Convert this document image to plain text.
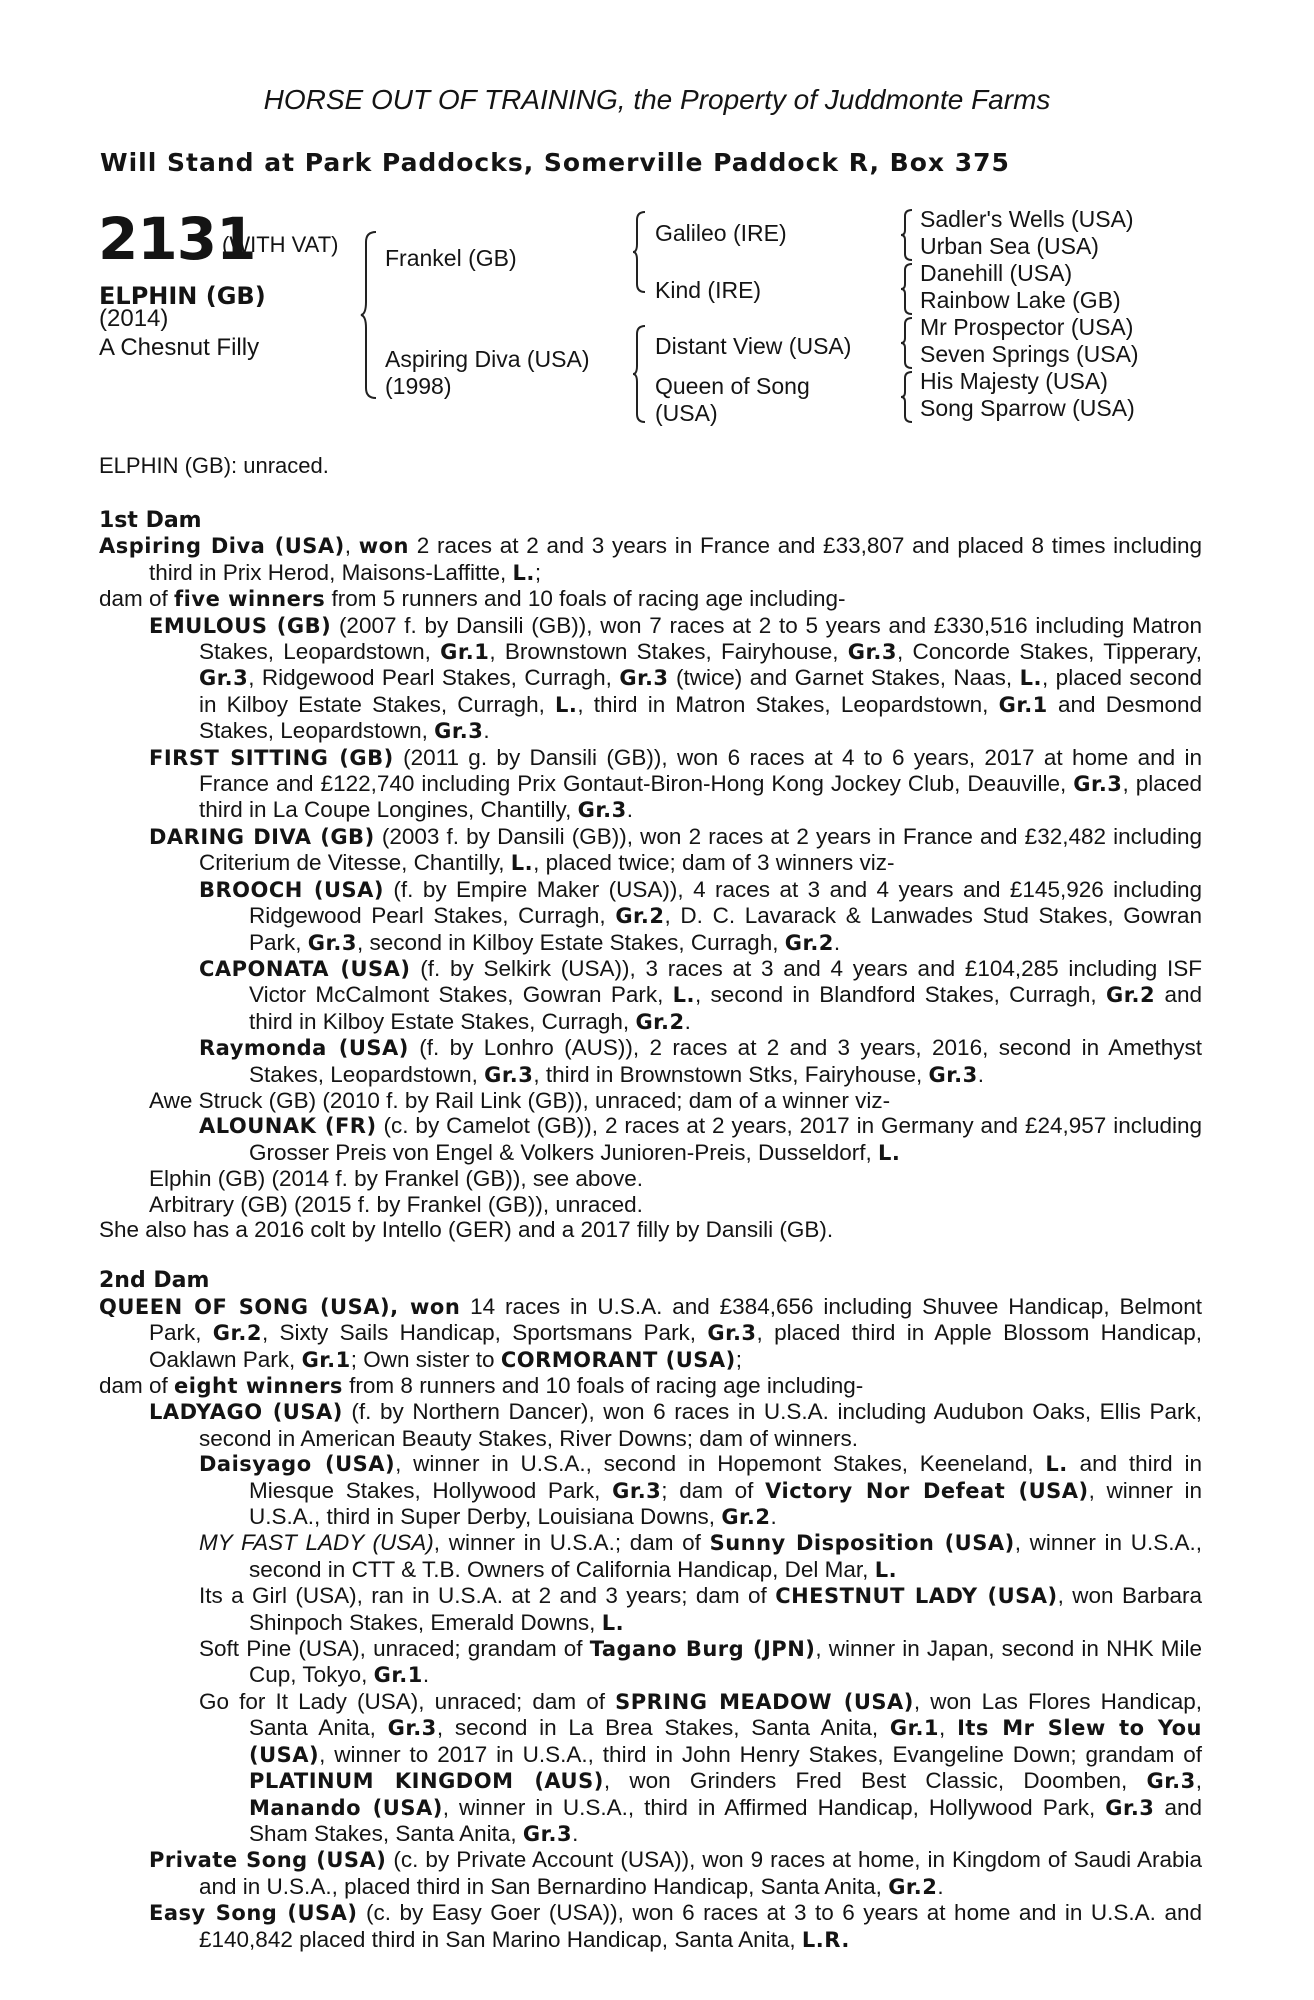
HORSE OUT OF TRAINING, the Property of Juddmonte Farms
Will Stand at Park Paddocks, Somerville Paddock R, Box 375
2131
(WITH VAT)
ELPHIN (GB)
(2014)
A Chesnut Filly
Frankel (GB)
Aspiring Diva (USA)
(1998)
Galileo (IRE)
Kind (IRE)
Distant View (USA)
Queen of Song
(USA)
Sadler's Wells (USA)
Urban Sea (USA)
Danehill (USA)
Rainbow Lake (GB)
Mr Prospector (USA)
Seven Springs (USA)
His Majesty (USA)
Song Sparrow (USA)
ELPHIN (GB): unraced.

1st Dam

Aspiring Diva (USA), won 2 races at 2 and 3 years in France and £33,807 and placed 8 times including third in Prix Herod, Maisons-Laffitte, L.;

dam of five winners from 5 runners and 10 foals of racing age including-

EMULOUS (GB) (2007 f. by Dansili (GB)), won 7 races at 2 to 5 years and £330,516 including Matron Stakes, Leopardstown, Gr.1, Brownstown Stakes, Fairyhouse, Gr.3, Concorde Stakes, Tipperary, Gr.3, Ridgewood Pearl Stakes, Curragh, Gr.3 (twice) and Garnet Stakes, Naas, L., placed second in Kilboy Estate Stakes, Curragh, L., third in Matron Stakes, Leopardstown, Gr.1 and Desmond Stakes, Leopardstown, Gr.3.

FIRST SITTING (GB) (2011 g. by Dansili (GB)), won 6 races at 4 to 6 years, 2017 at home and in France and £122,740 including Prix Gontaut-Biron-Hong Kong Jockey Club, Deauville, Gr.3, placed third in La Coupe Longines, Chantilly, Gr.3.

DARING DIVA (GB) (2003 f. by Dansili (GB)), won 2 races at 2 years in France and £32,482 including Criterium de Vitesse, Chantilly, L., placed twice; dam of 3 winners viz-

BROOCH (USA) (f. by Empire Maker (USA)), 4 races at 3 and 4 years and £145,926 including Ridgewood Pearl Stakes, Curragh, Gr.2, D. C. Lavarack & Lanwades Stud Stakes, Gowran Park, Gr.3, second in Kilboy Estate Stakes, Curragh, Gr.2.

CAPONATA (USA) (f. by Selkirk (USA)), 3 races at 3 and 4 years and £104,285 including ISF Victor McCalmont Stakes, Gowran Park, L., second in Blandford Stakes, Curragh, Gr.2 and third in Kilboy Estate Stakes, Curragh, Gr.2.

Raymonda (USA) (f. by Lonhro (AUS)), 2 races at 2 and 3 years, 2016, second in Amethyst Stakes, Leopardstown, Gr.3, third in Brownstown Stks, Fairyhouse, Gr.3.

Awe Struck (GB) (2010 f. by Rail Link (GB)), unraced; dam of a winner viz-

ALOUNAK (FR) (c. by Camelot (GB)), 2 races at 2 years, 2017 in Germany and £24,957 including Grosser Preis von Engel & Volkers Junioren-Preis, Dusseldorf, L.

Elphin (GB) (2014 f. by Frankel (GB)), see above.

Arbitrary (GB) (2015 f. by Frankel (GB)), unraced.

She also has a 2016 colt by Intello (GER) and a 2017 filly by Dansili (GB).

2nd Dam

QUEEN OF SONG (USA), won 14 races in U.S.A. and £384,656 including Shuvee Handicap, Belmont Park, Gr.2, Sixty Sails Handicap, Sportsmans Park, Gr.3, placed third in Apple Blossom Handicap, Oaklawn Park, Gr.1; Own sister to CORMORANT (USA);

dam of eight winners from 8 runners and 10 foals of racing age including-

LADYAGO (USA) (f. by Northern Dancer), won 6 races in U.S.A. including Audubon Oaks, Ellis Park, second in American Beauty Stakes, River Downs; dam of winners.

Daisyago (USA), winner in U.S.A., second in Hopemont Stakes, Keeneland, L. and third in Miesque Stakes, Hollywood Park, Gr.3; dam of Victory Nor Defeat (USA), winner in U.S.A., third in Super Derby, Louisiana Downs, Gr.2.

MY FAST LADY (USA), winner in U.S.A.; dam of Sunny Disposition (USA), winner in U.S.A., second in CTT & T.B. Owners of California Handicap, Del Mar, L.

Its a Girl (USA), ran in U.S.A. at 2 and 3 years; dam of CHESTNUT LADY (USA), won Barbara Shinpoch Stakes, Emerald Downs, L.

Soft Pine (USA), unraced; grandam of Tagano Burg (JPN), winner in Japan, second in NHK Mile Cup, Tokyo, Gr.1.

Go for It Lady (USA), unraced; dam of SPRING MEADOW (USA), won Las Flores Handicap, Santa Anita, Gr.3, second in La Brea Stakes, Santa Anita, Gr.1, Its Mr Slew to You (USA), winner to 2017 in U.S.A., third in John Henry Stakes, Evangeline Down; grandam of PLATINUM KINGDOM (AUS), won Grinders Fred Best Classic, Doomben, Gr.3, Manando (USA), winner in U.S.A., third in Affirmed Handicap, Hollywood Park, Gr.3 and Sham Stakes, Santa Anita, Gr.3.

Private Song (USA) (c. by Private Account (USA)), won 9 races at home, in Kingdom of Saudi Arabia and in U.S.A., placed third in San Bernardino Handicap, Santa Anita, Gr.2.

Easy Song (USA) (c. by Easy Goer (USA)), won 6 races at 3 to 6 years at home and in U.S.A. and £140,842 placed third in San Marino Handicap, Santa Anita, L.R.
